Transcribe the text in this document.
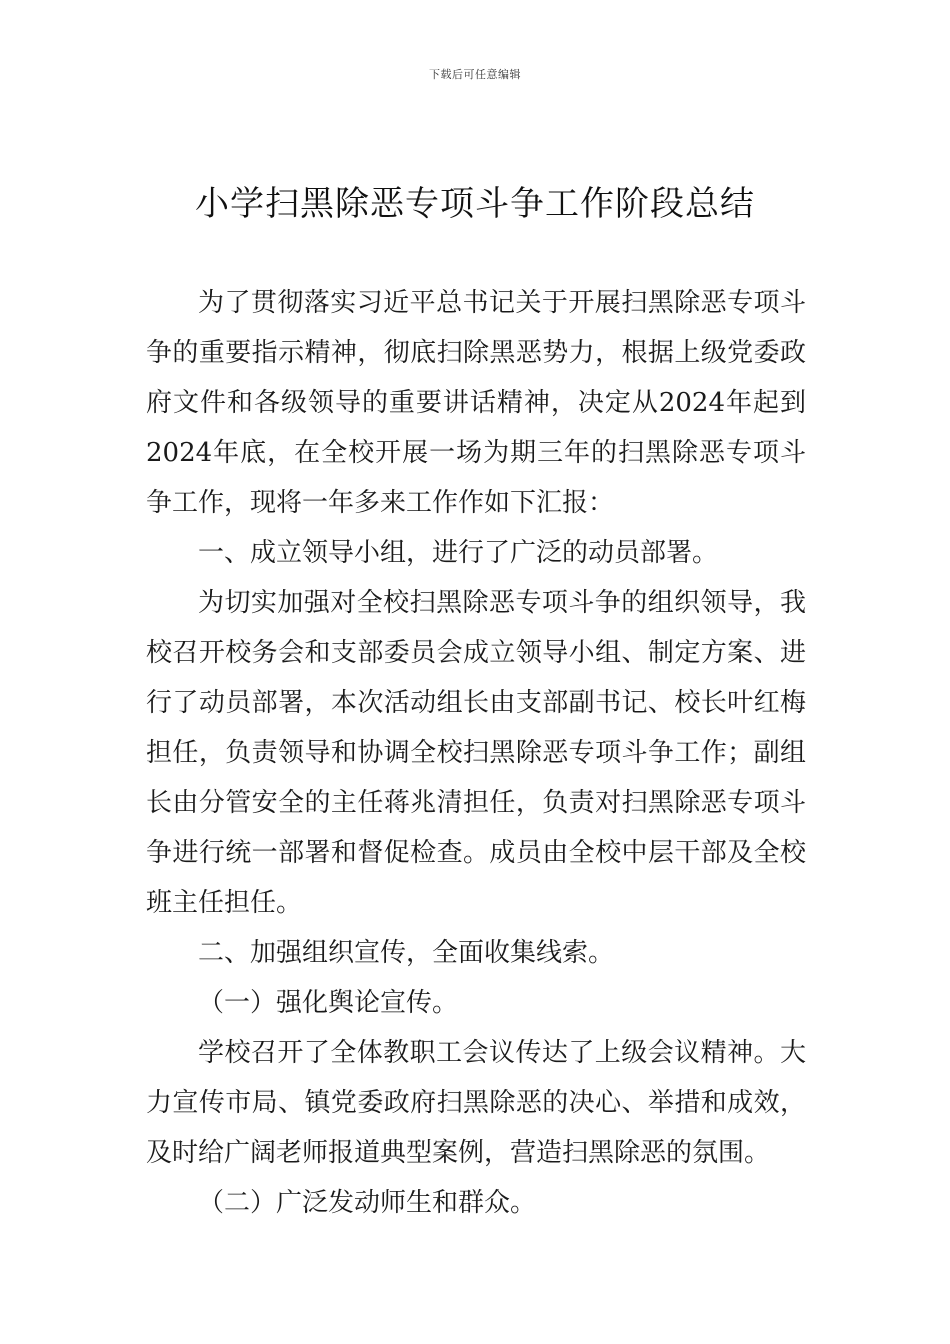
下载后可任意编辑
小学扫黑除恶专项斗争工作阶段总结

为了贯彻落实习近平总书记关于开展扫黑除恶专项斗争的重要指示精神，彻底扫除黑恶势力，根据上级党委政府文件和各级领导的重要讲话精神，决定从2024年起到2024年底，在全校开展一场为期三年的扫黑除恶专项斗争工作，现将一年多来工作作如下汇报：

一、成立领导小组，进行了广泛的动员部署。

为切实加强对全校扫黑除恶专项斗争的组织领导，我校召开校务会和支部委员会成立领导小组、制定方案、进行了动员部署，本次活动组长由支部副书记、校长叶红梅担任，负责领导和协调全校扫黑除恶专项斗争工作；副组长由分管安全的主任蒋兆清担任，负责对扫黑除恶专项斗争进行统一部署和督促检查。成员由全校中层干部及全校班主任担任。

二、加强组织宣传，全面收集线索。

（一）强化舆论宣传。

学校召开了全体教职工会议传达了上级会议精神。大力宣传市局、镇党委政府扫黑除恶的决心、举措和成效，及时给广阔老师报道典型案例，营造扫黑除恶的氛围。

（二）广泛发动师生和群众。
